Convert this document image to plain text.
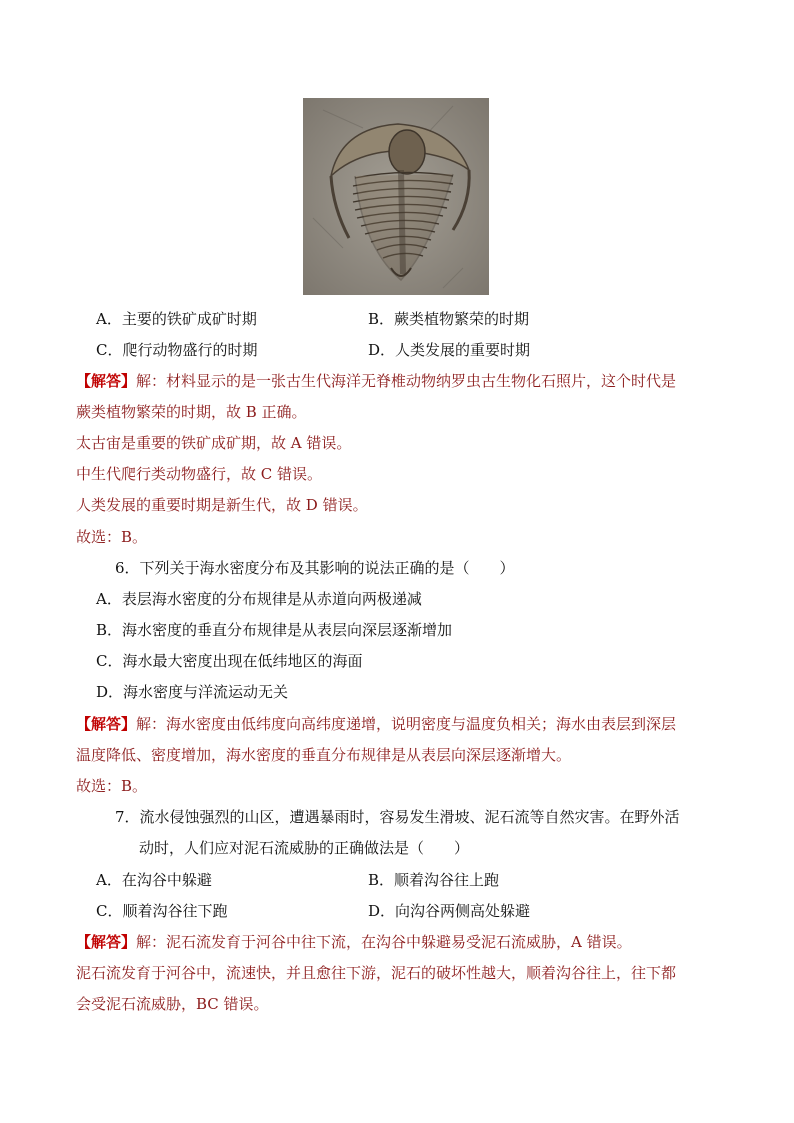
A．主要的铁矿成矿时期	B．蕨类植物繁荣的时期
C．爬行动物盛行的时期	D．人类发展的重要时期
【解答】解：材料显示的是一张古生代海洋无脊椎动物纳罗虫古生物化石照片，这个时代是
蕨类植物繁荣的时期，故 B 正确。
太古宙是重要的铁矿成矿期，故 A 错误。
中生代爬行类动物盛行，故 C 错误。
人类发展的重要时期是新生代，故 D 错误。
故选：B。
6．下列关于海水密度分布及其影响的说法正确的是（　　）
A．表层海水密度的分布规律是从赤道向两极递减
B．海水密度的垂直分布规律是从表层向深层逐渐增加
C．海水最大密度出现在低纬地区的海面
D．海水密度与洋流运动无关
【解答】解：海水密度由低纬度向高纬度递增，说明密度与温度负相关；海水由表层到深层
温度降低、密度增加，海水密度的垂直分布规律是从表层向深层逐渐增大。
故选：B。
7．流水侵蚀强烈的山区，遭遇暴雨时，容易发生滑坡、泥石流等自然灾害。在野外活
动时，人们应对泥石流威胁的正确做法是（　　）
A．在沟谷中躲避	B．顺着沟谷往上跑
C．顺着沟谷往下跑	D．向沟谷两侧高处躲避
【解答】解：泥石流发育于河谷中往下流，在沟谷中躲避易受泥石流威胁，A 错误。
泥石流发育于河谷中，流速快，并且愈往下游，泥石的破坏性越大，顺着沟谷往上，往下都
会受泥石流威胁，BC 错误。
